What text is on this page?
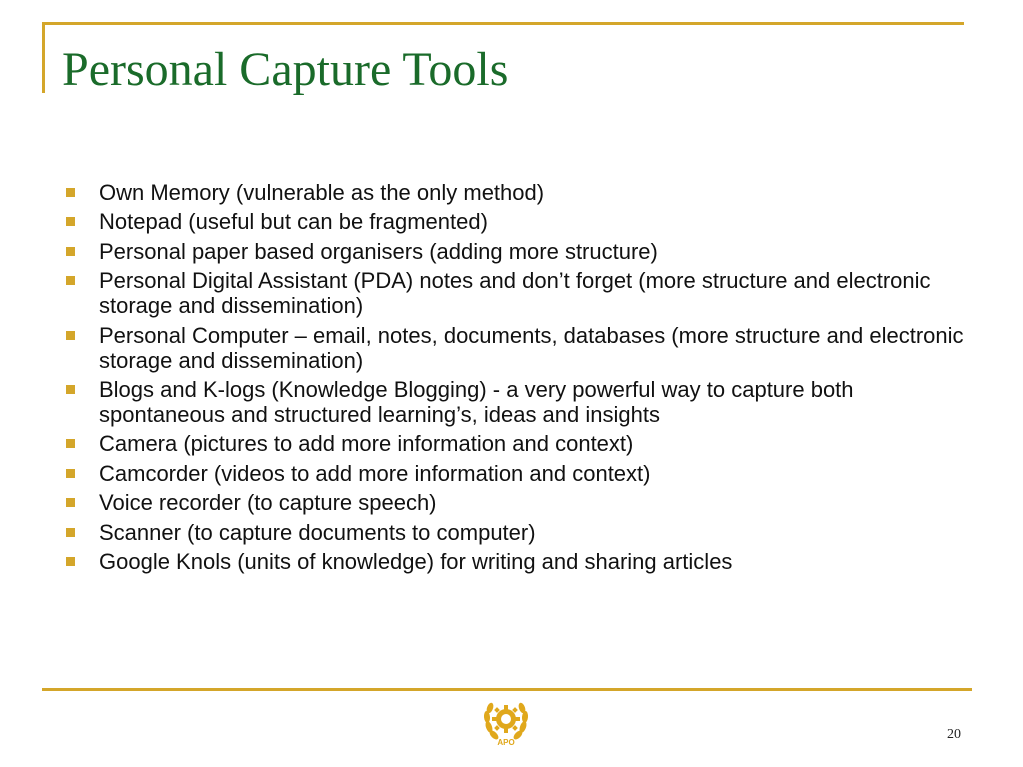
Personal Capture Tools
Own Memory (vulnerable as the only method)
Notepad (useful but can be fragmented)
Personal paper based organisers (adding more structure)
Personal Digital Assistant (PDA) notes and don’t forget (more structure and electronic storage and dissemination)
Personal Computer – email, notes, documents, databases (more structure and electronic storage and dissemination)
Blogs and K-logs (Knowledge Blogging) - a very powerful way to capture both spontaneous and structured learning’s, ideas and insights
Camera (pictures to add more information and context)
Camcorder (videos to add more information and context)
Voice recorder (to capture speech)
Scanner (to capture documents to computer)
Google Knols (units of knowledge) for writing and sharing articles
APO
20
